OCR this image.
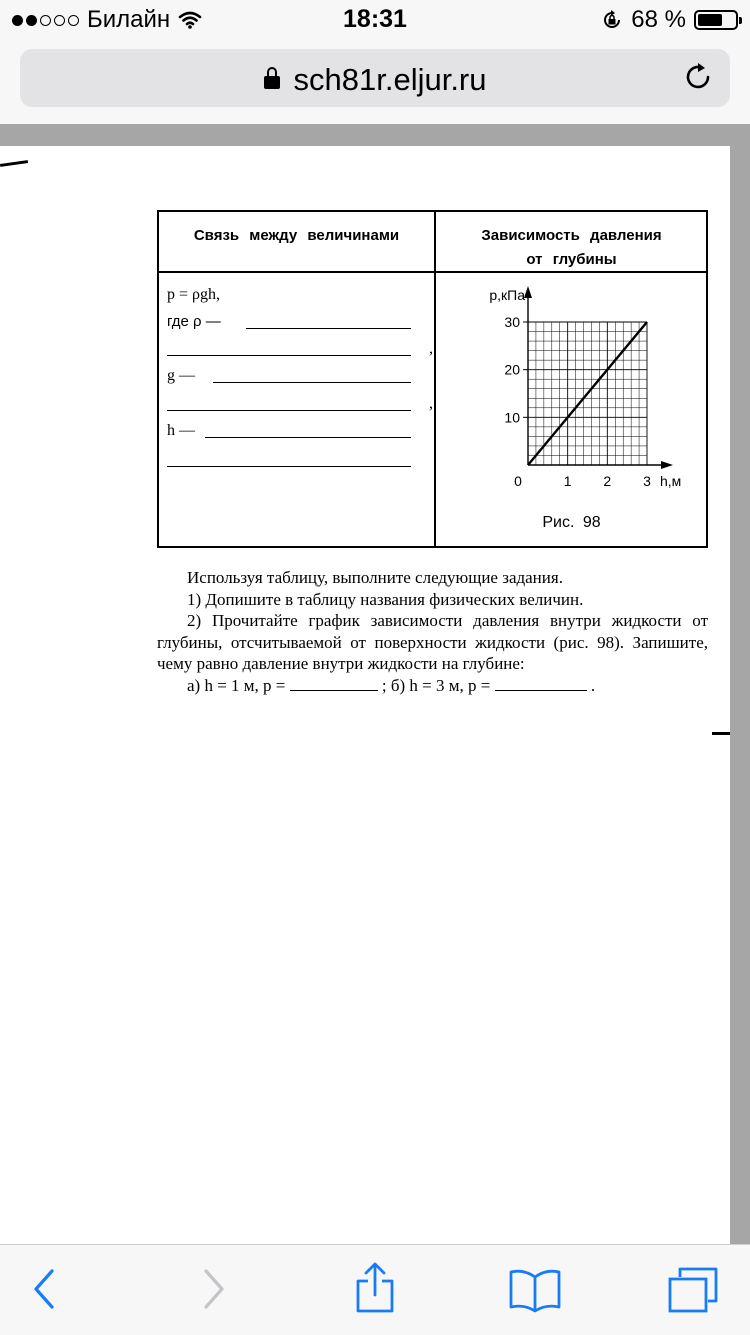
Билайн	18:31	68 %
sch81r.eljur.ru
Связь между величинами	Зависимость давления
от глубины
p = ρgh,
где ρ —
,
g —
,
h —
10
20
30
0	1 2 3
p,кПа
h,м
Рис. 98

Используя таблицу, выполните следующие задания.

1) Допишите в таблицу названия физических величин.

2) Прочитайте график зависимости давления внутри жидкости от глубины, отсчитываемой от поверхности жидкости (рис. 98). Запишите, чему равно давление внутри жидкости на глубине:

а) h = 1 м, p =	; б) h = 3 м, p =	.
